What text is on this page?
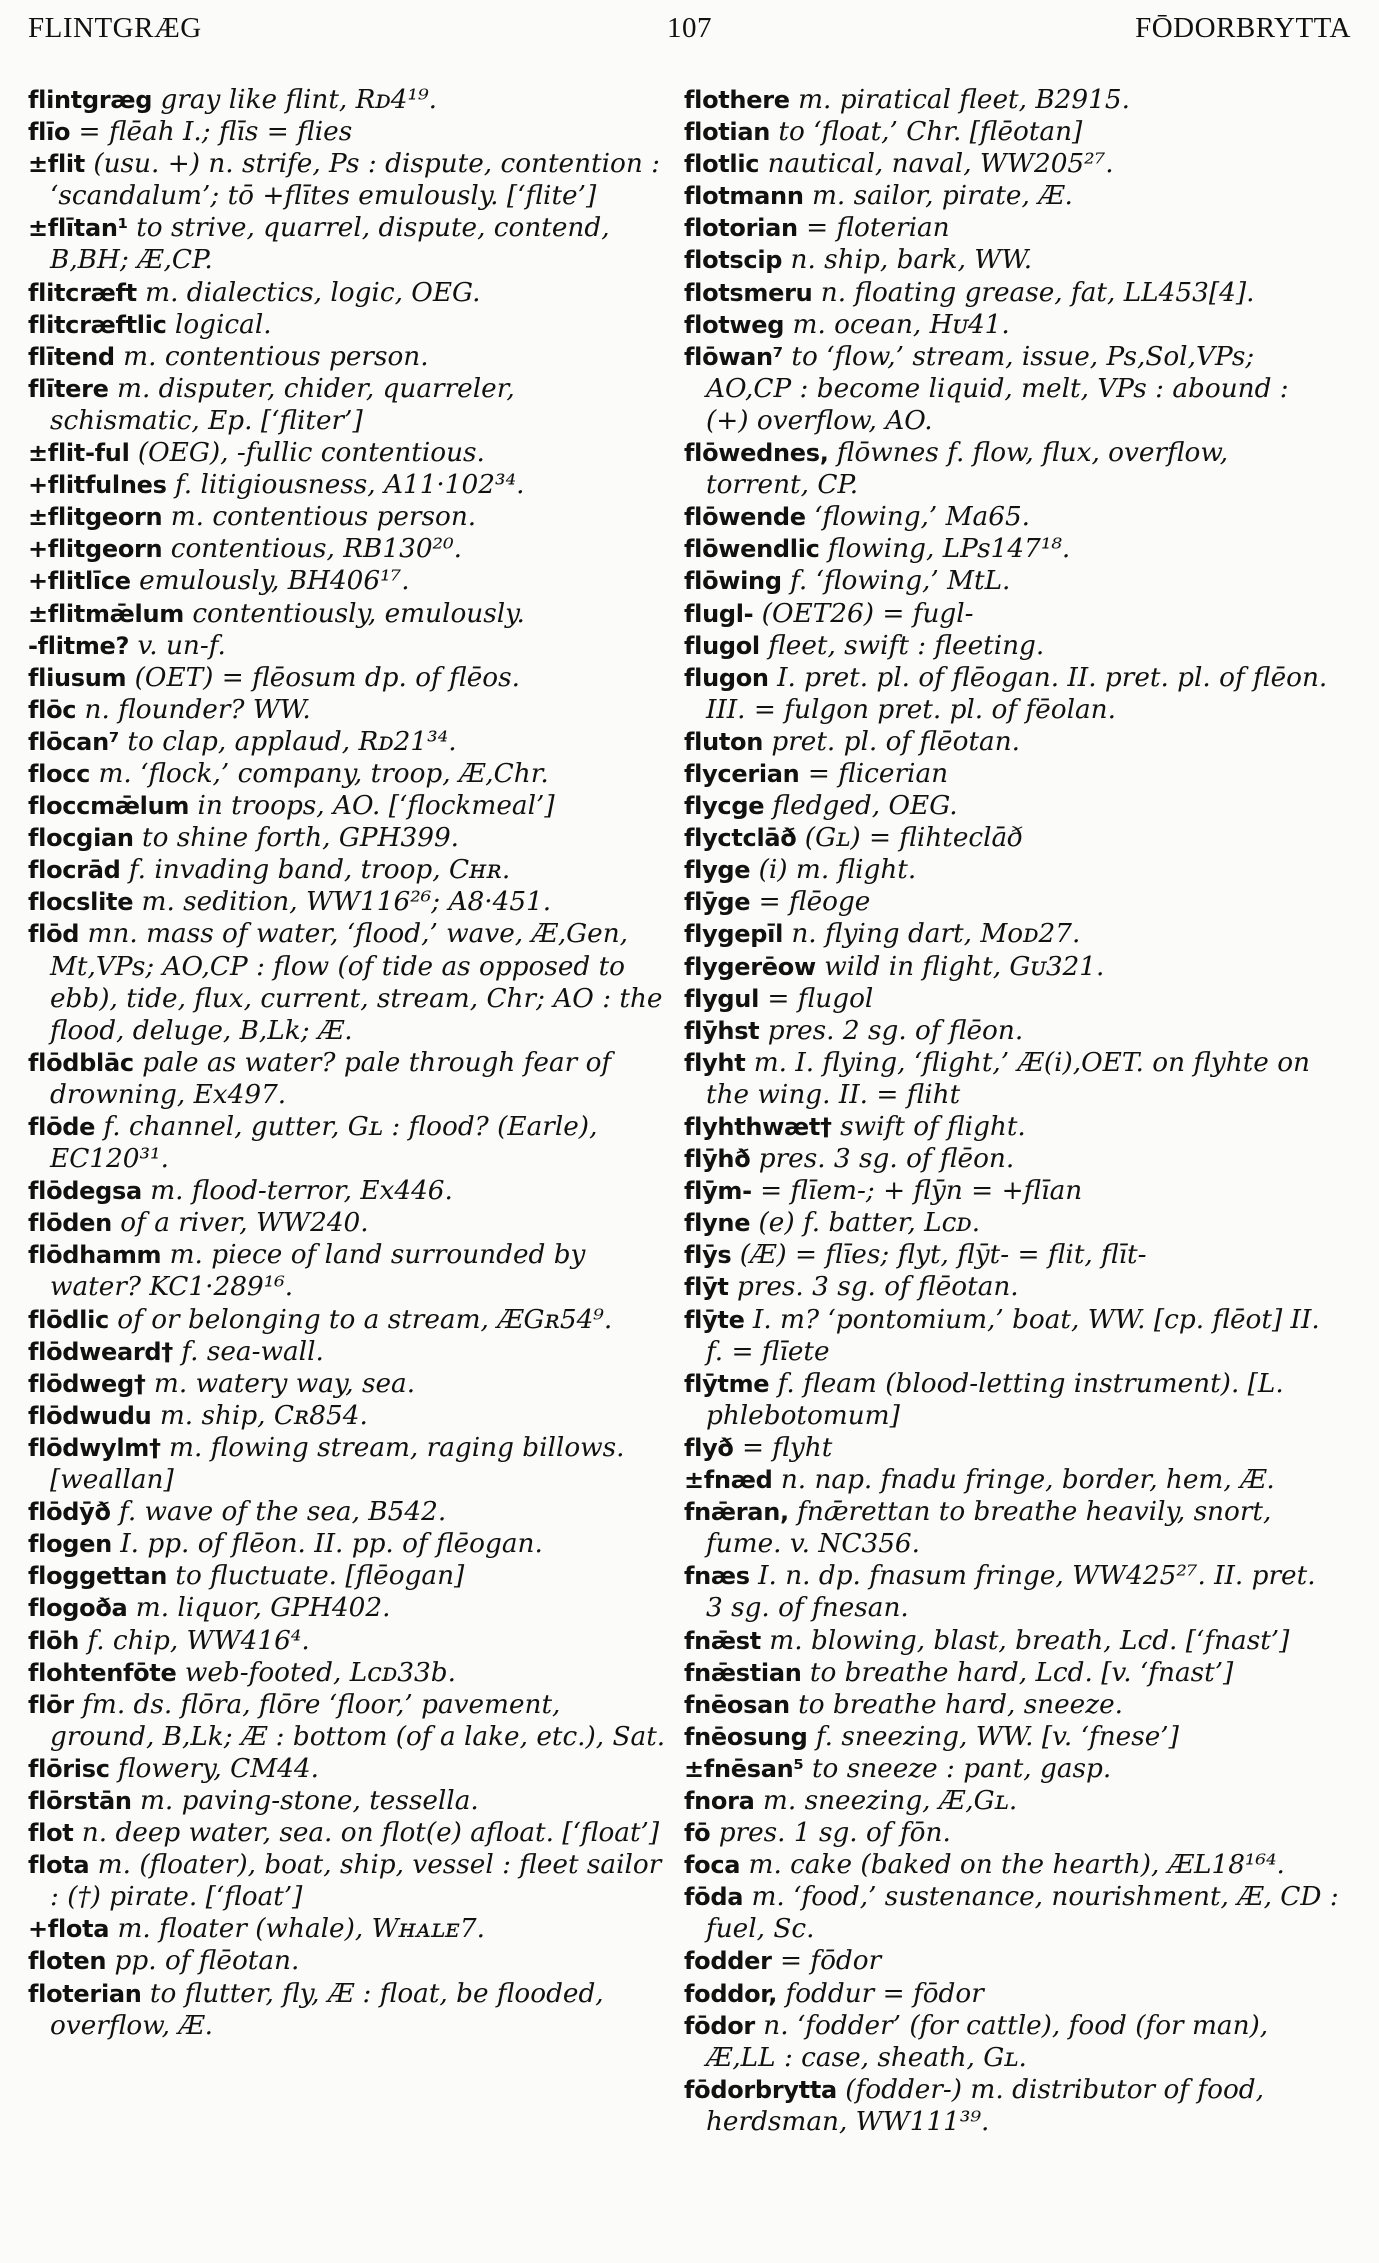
FLINTGRÆG	107	FŌDORBRYTTA

flintgræg gray like flint, Rᴅ4¹⁹.

flīo = flēah I.; flīs = flies

±flit (usu. +) n. strife, Ps : dispute, contention : ‘scandalum’; tō +flītes emulously. [‘flite’]

±flītan¹ to strive, quarrel, dispute, contend, B,BH; Æ,CP.

flitcræft m. dialectics, logic, OEG.

flitcræftlic logical.

flītend m. contentious person.

flītere m. disputer, chider, quarreler, schismatic, Ep. [‘fliter’]

±flit-ful (OEG), -fullic contentious.

+flitfulnes f. litigiousness, A11·102³⁴.

±flitgeorn m. contentious person.

+flitgeorn contentious, RB130²⁰.

+flitlīce emulously, BH406¹⁷.

±flitmǣlum contentiously, emulously.

-flitme? v. un-f.

fliusum (OET) = flēosum dp. of flēos.

flōc n. flounder? WW.

flōcan⁷ to clap, applaud, Rᴅ21³⁴.

flocc m. ‘flock,’ company, troop, Æ,Chr.

floccmǣlum in troops, AO. [‘flockmeal’]

flocgian to shine forth, GPH399.

flocrād f. invading band, troop, Cʜʀ.

flocslite m. sedition, WW116²⁶; A8·451.

flōd mn. mass of water, ‘flood,’ wave, Æ,Gen, Mt,VPs; AO,CP : flow (of tide as opposed to ebb), tide, flux, current, stream, Chr; AO : the flood, deluge, B,Lk; Æ.

flōdblāc pale as water? pale through fear of drowning, Ex497.

flōde f. channel, gutter, Gʟ : flood? (Earle), EC120³¹.

flōdegsa m. flood-terror, Ex446.

flōden of a river, WW240.

flōdhamm m. piece of land surrounded by water? KC1·289¹⁶.

flōdlic of or belonging to a stream, ÆGʀ54⁹.

flōdweard† f. sea-wall.

flōdweg† m. watery way, sea.

flōdwudu m. ship, Cʀ854.

flōdwylm† m. flowing stream, raging billows. [weallan]

flōdȳð f. wave of the sea, B542.

flogen I. pp. of flēon. II. pp. of flēogan.

floggettan to fluctuate. [flēogan]

flogoða m. liquor, GPH402.

flōh f. chip, WW416⁴.

flohtenfōte web-footed, Lᴄᴅ33b.

flōr fm. ds. flōra, flōre ‘floor,’ pavement, ground, B,Lk; Æ : bottom (of a lake, etc.), Sat.

flōrisc flowery, CM44.

flōrstān m. paving-stone, tessella.

flot n. deep water, sea. on flot(e) afloat. [‘float’]

flota m. (floater), boat, ship, vessel : fleet sailor : (†) pirate. [‘float’]

+flota m. floater (whale), Wʜᴀʟᴇ7.

floten pp. of flēotan.

floterian to flutter, fly, Æ : float, be flooded, overflow, Æ.

flothere m. piratical fleet, B2915.

flotian to ‘float,’ Chr. [flēotan]

flotlic nautical, naval, WW205²⁷.

flotmann m. sailor, pirate, Æ.

flotorian = floterian

flotscip n. ship, bark, WW.

flotsmeru n. floating grease, fat, LL453[4].

flotweg m. ocean, Hᴜ41.

flōwan⁷ to ‘flow,’ stream, issue, Ps,Sol,VPs; AO,CP : become liquid, melt, VPs : abound : (+) overflow, AO.

flōwednes, flōwnes f. flow, flux, overflow, torrent, CP.

flōwende ‘flowing,’ Ma65.

flōwendlic flowing, LPs147¹⁸.

flōwing f. ‘flowing,’ MtL.

flugl- (OET26) = fugl-

flugol fleet, swift : fleeting.

flugon I. pret. pl. of flēogan. II. pret. pl. of flēon. III. = fulgon pret. pl. of fēolan.

fluton pret. pl. of flēotan.

flycerian = flicerian

flycge fledged, OEG.

flyctclāð (Gʟ) = flihteclāð

flyge (i) m. flight.

flȳge = flēoge

flygepīl n. flying dart, Mᴏᴅ27.

flygerēow wild in flight, Gᴜ321.

flygul = flugol

flȳhst pres. 2 sg. of flēon.

flyht m. I. flying, ‘flight,’ Æ(i),OET. on flyhte on the wing. II. = fliht

flyhthwæt† swift of flight.

flȳhð pres. 3 sg. of flēon.

flȳm- = flīem-; + flȳn = +flīan

flyne (e) f. batter, Lᴄᴅ.

flȳs (Æ) = flīes; flyt, flȳt- = flit, flīt-

flȳt pres. 3 sg. of flēotan.

flȳte I. m? ‘pontomium,’ boat, WW. [cp. flēot] II. f. = flīete

flȳtme f. fleam (blood-letting instrument). [L. phlebotomum]

flyð = flyht

±fnæd n. nap. fnadu fringe, border, hem, Æ.

fnǣran, fnǣrettan to breathe heavily, snort, fume. v. NC356.

fnæs I. n. dp. fnasum fringe, WW425²⁷. II. pret. 3 sg. of fnesan.

fnǣst m. blowing, blast, breath, Lcd. [‘fnast’]

fnǣstian to breathe hard, Lcd. [v. ‘fnast’]

fnēosan to breathe hard, sneeze.

fnēosung f. sneezing, WW. [v. ‘fnese’]

±fnēsan⁵ to sneeze : pant, gasp.

fnora m. sneezing, Æ,Gʟ.

fō pres. 1 sg. of fōn.

foca m. cake (baked on the hearth), ÆL18¹⁶⁴.

fōda m. ‘food,’ sustenance, nourishment, Æ, CD : fuel, Sc.

fodder = fōdor

foddor, foddur = fōdor

fōdor n. ‘fodder’ (for cattle), food (for man), Æ,LL : case, sheath, Gʟ.

fōdorbrytta (fodder-) m. distributor of food, herdsman, WW111³⁹.
